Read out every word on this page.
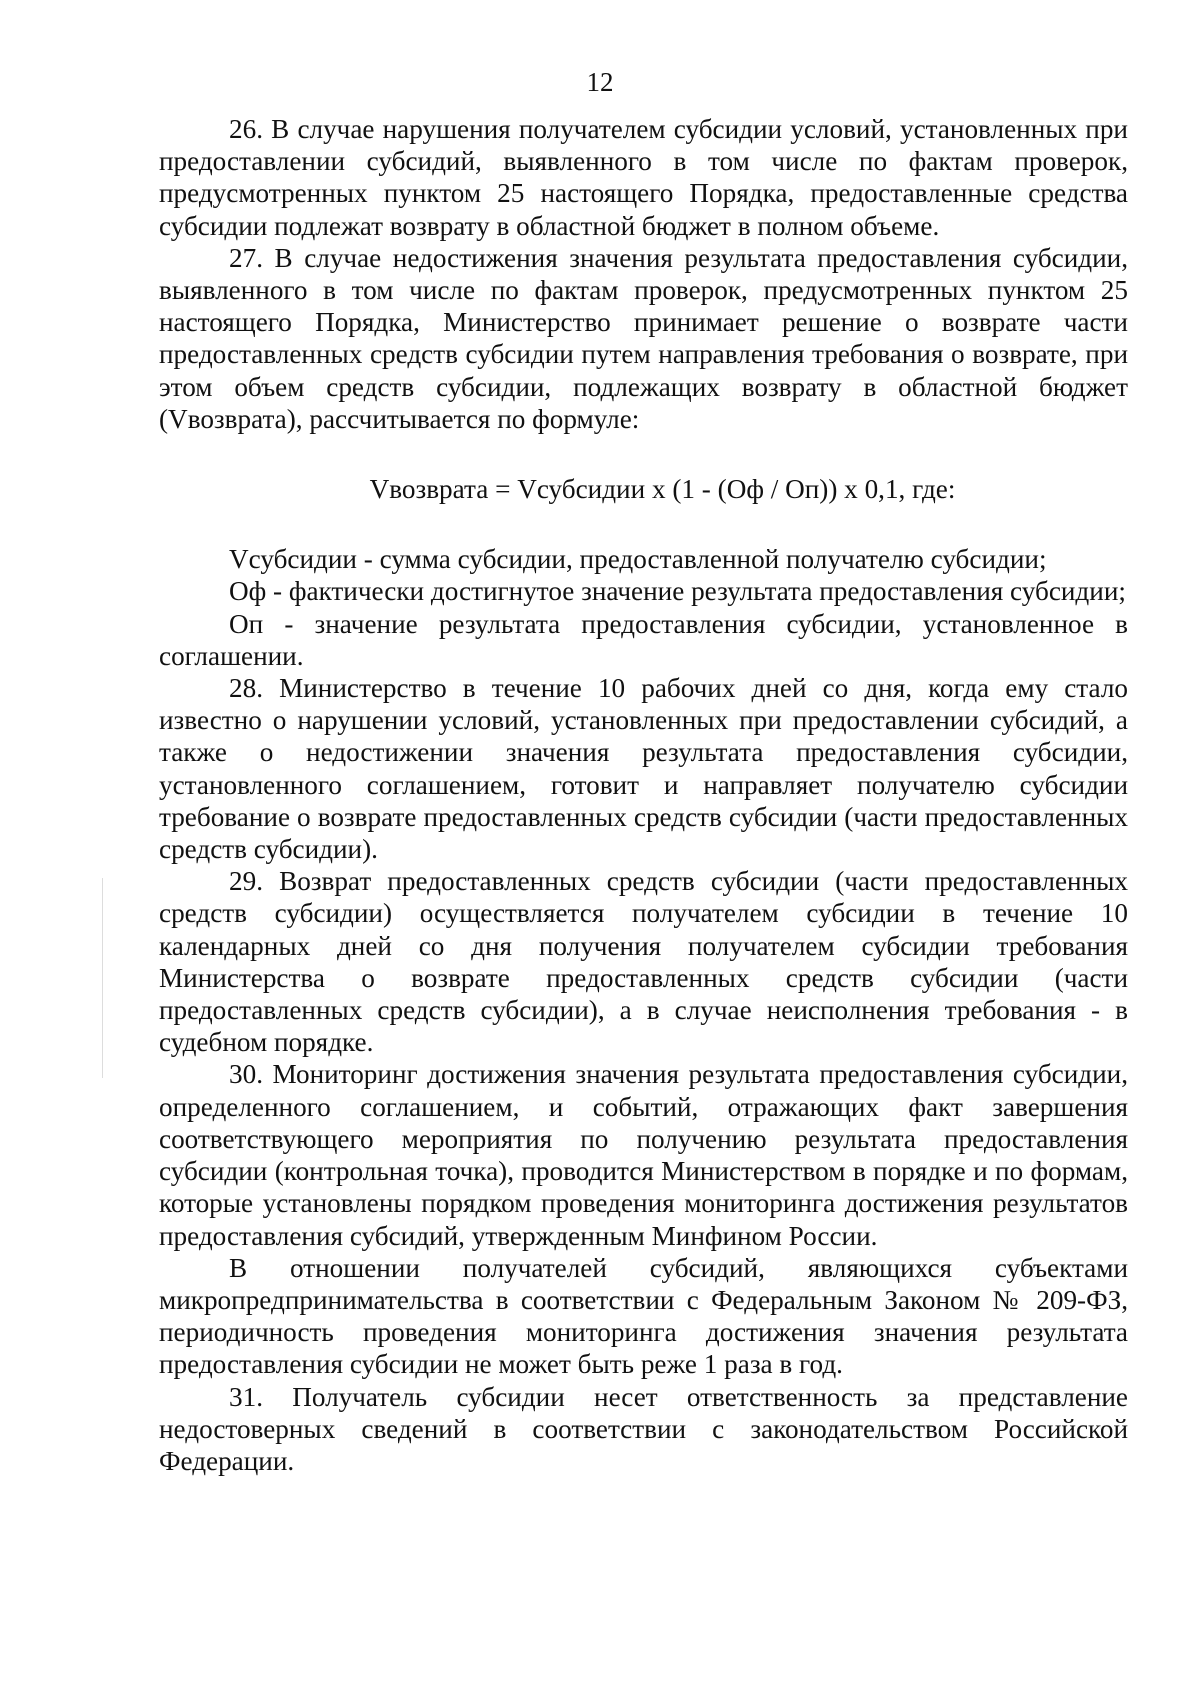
12

26. В случае нарушения получателем субсидии условий, установленных при предоставлении субсидий, выявленного в том числе по фактам проверок, предусмотренных пунктом 25 настоящего Порядка, предоставленные средства субсидии подлежат возврату в областной бюджет в полном объеме.

27. В случае недостижения значения результата предоставления субсидии, выявленного в том числе по фактам проверок, предусмотренных пунктом 25 настоящего Порядка, Министерство принимает решение о возврате части предоставленных средств субсидии путем направления требования о возврате, при этом объем средств субсидии, подлежащих возврату в областной бюджет (Vвозврата), рассчитывается по формуле:

Vвозврата = Vсубсидии х (1 - (Оф / Оп)) х 0,1, где:

Vсубсидии - сумма субсидии, предоставленной получателю субсидии;

Оф - фактически достигнутое значение результата предоставления субсидии;

Оп - значение результата предоставления субсидии, установленное в соглашении.

28. Министерство в течение 10 рабочих дней со дня, когда ему стало известно о нарушении условий, установленных при предоставлении субсидий, а также о недостижении значения результата предоставления субсидии, установленного соглашением, готовит и направляет получателю субсидии требование о возврате предоставленных средств субсидии (части предоставленных средств субсидии).

29. Возврат предоставленных средств субсидии (части предоставленных средств субсидии) осуществляется получателем субсидии в течение 10 календарных дней со дня получения получателем субсидии требования Министерства о возврате предоставленных средств субсидии (части предоставленных средств субсидии), а в случае неисполнения требования - в судебном порядке.

30. Мониторинг достижения значения результата предоставления субсидии, определенного соглашением, и событий, отражающих факт завершения соответствующего мероприятия по получению результата предоставления субсидии (контрольная точка), проводится Министерством в порядке и по формам, которые установлены порядком проведения мониторинга достижения результатов предоставления субсидий, утвержденным Минфином России.

В отношении получателей субсидий, являющихся субъектами микропредпринимательства в соответствии с Федеральным Законом № 209-ФЗ, периодичность проведения мониторинга достижения значения результата предоставления субсидии не может быть реже 1 раза в год.

31. Получатель субсидии несет ответственность за представление недостоверных сведений в соответствии с законодательством Российской Федерации.
